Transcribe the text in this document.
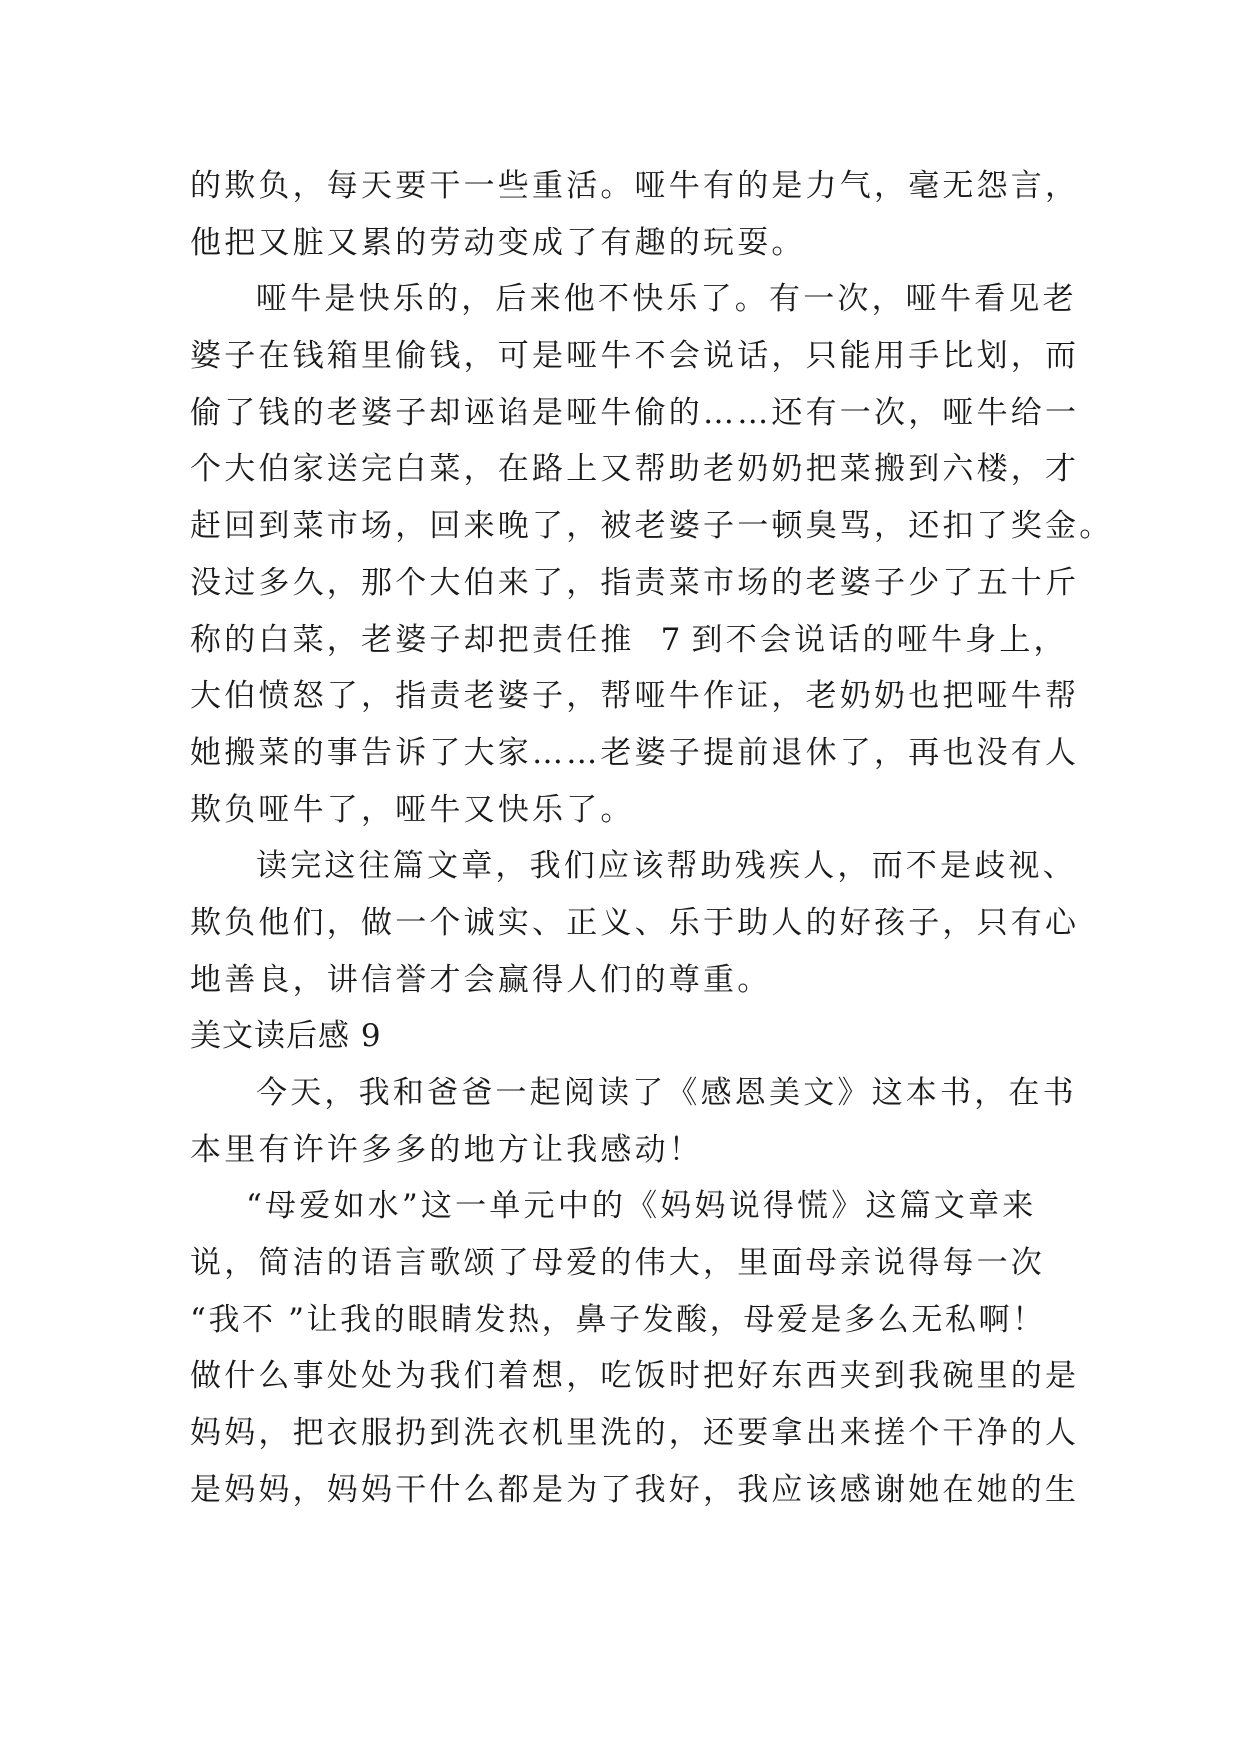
的欺负，每天要干一些重活。哑牛有的是力气，毫无怨言，
他把又脏又累的劳动变成了有趣的玩耍。
哑牛是快乐的，后来他不快乐了。有一次，哑牛看见老
婆子在钱箱里偷钱，可是哑牛不会说话，只能用手比划，而
偷了钱的老婆子却诬谄是哑牛偷的……还有一次，哑牛给一
个大伯家送完白菜，在路上又帮助老奶奶把菜搬到六楼，才
赶回到菜市场，回来晚了，被老婆子一顿臭骂，还扣了奖金。
没过多久，那个大伯来了，指责菜市场的老婆子少了五十斤
称的白菜，老婆子却把责任推 7 到不会说话的哑牛身上，
大伯愤怒了，指责老婆子，帮哑牛作证，老奶奶也把哑牛帮
她搬菜的事告诉了大家……老婆子提前退休了，再也没有人
欺负哑牛了，哑牛又快乐了。
读完这往篇文章，我们应该帮助残疾人，而不是歧视、
欺负他们，做一个诚实、正义、乐于助人的好孩子，只有心
地善良，讲信誉才会赢得人们的尊重。
美文读后感 9
今天，我和爸爸一起阅读了《感恩美文》这本书，在书
本里有许许多多的地方让我感动！
“母爱如水”这一单元中的《妈妈说得慌》这篇文章来
说，简洁的语言歌颂了母爱的伟大，里面母亲说得每一次
“我不 ”让我的眼睛发热，鼻子发酸，母爱是多么无私啊！
做什么事处处为我们着想，吃饭时把好东西夹到我碗里的是
妈妈，把衣服扔到洗衣机里洗的，还要拿出来搓个干净的人
是妈妈，妈妈干什么都是为了我好，我应该感谢她在她的生
